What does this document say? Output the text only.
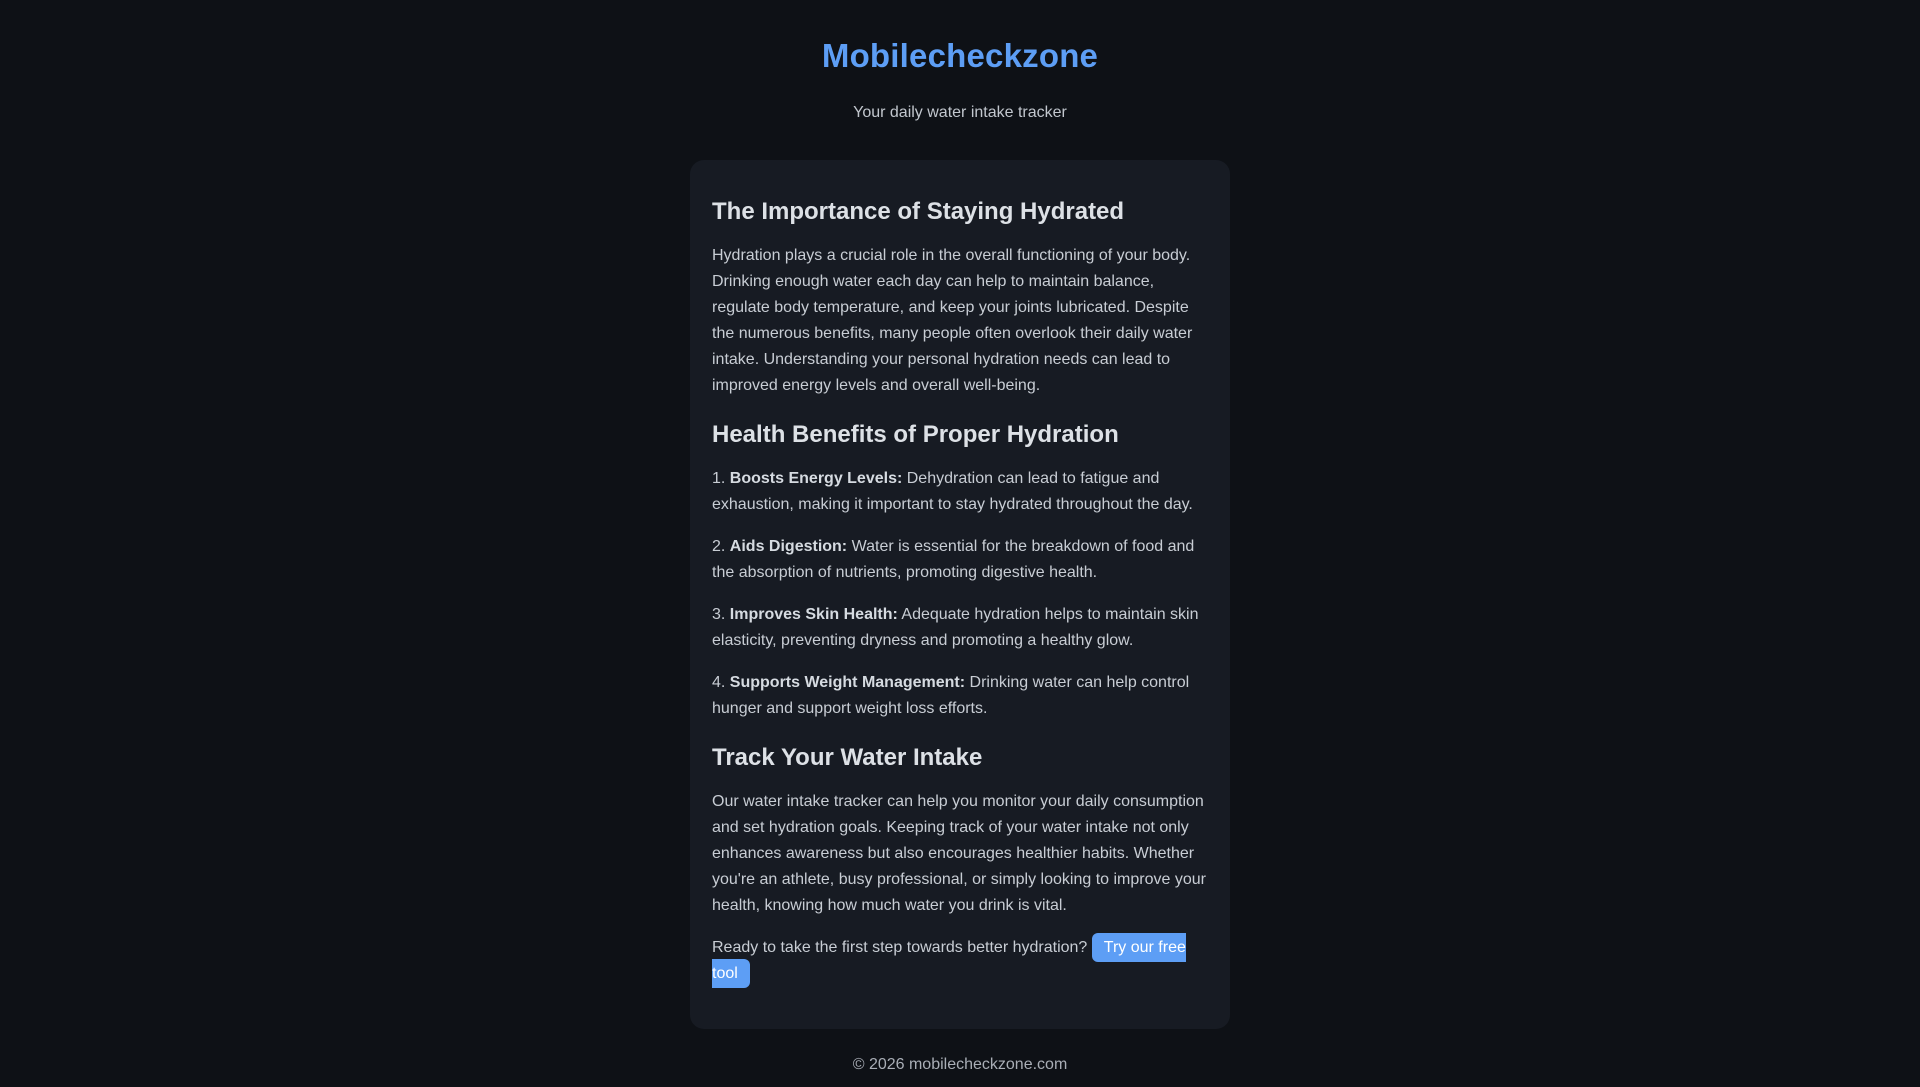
Mobilecheckzone

Your daily water intake tracker

The Importance of Staying Hydrated

Hydration plays a crucial role in the overall functioning of your body. Drinking enough water each day can help to maintain balance, regulate body temperature, and keep your joints lubricated. Despite the numerous benefits, many people often overlook their daily water intake. Understanding your personal hydration needs can lead to improved energy levels and overall well-being.

Health Benefits of Proper Hydration

1. Boosts Energy Levels: Dehydration can lead to fatigue and exhaustion, making it important to stay hydrated throughout the day.

2. Aids Digestion: Water is essential for the breakdown of food and the absorption of nutrients, promoting digestive health.

3. Improves Skin Health: Adequate hydration helps to maintain skin elasticity, preventing dryness and promoting a healthy glow.

4. Supports Weight Management: Drinking water can help control hunger and support weight loss efforts.

Track Your Water Intake

Our water intake tracker can help you monitor your daily consumption and set hydration goals. Keeping track of your water intake not only enhances awareness but also encourages healthier habits. Whether you're an athlete, busy professional, or simply looking to improve your health, knowing how much water you drink is vital.

Ready to take the first step towards better hydration? Try our free tool

© 2026 mobilecheckzone.com
